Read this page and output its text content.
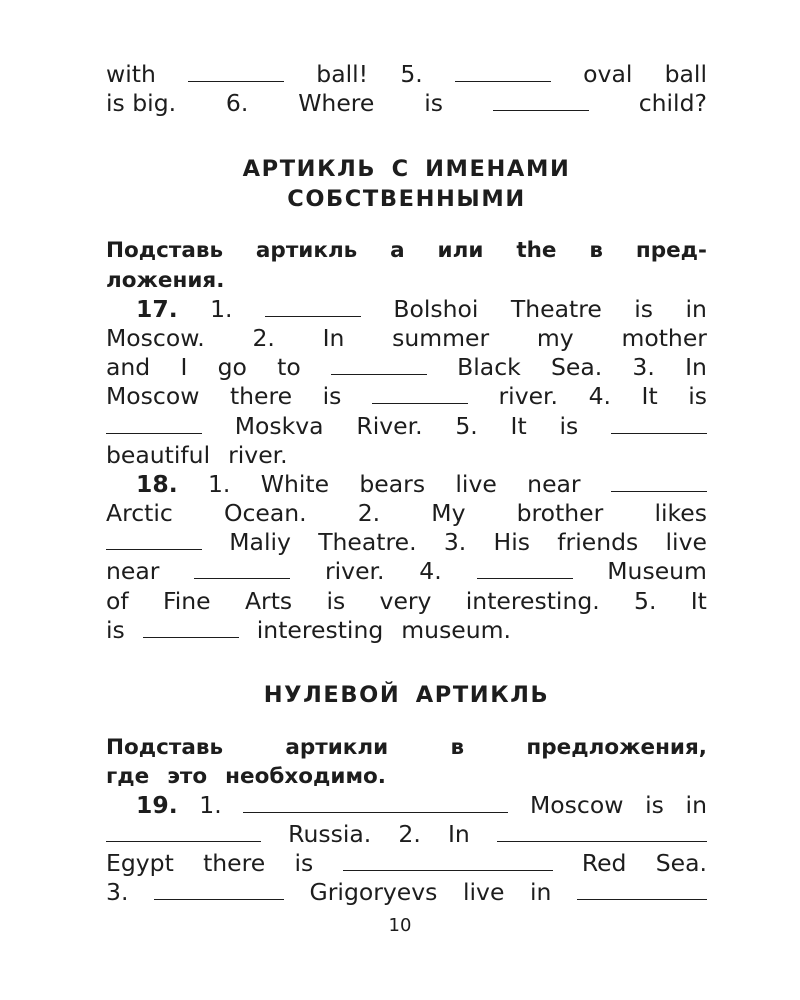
with	ball! 5.	oval ball
is big. 6. Where is	child?
АРТИКЛЬ С ИМЕНАМИ
СОБСТВЕННЫМИ
Подставь артикль a или the в пред-
ложения.
17. 1.	Bolshoi Theatre is in
Moscow. 2. In summer my mother
and I go to	Black Sea. 3. In
Moscow there is	river. 4. It is
Moskva River. 5. It is
beautiful river.
18. 1. White bears live near
Arctic Ocean. 2. My brother likes
Maliy Theatre. 3. His friends live
near	river. 4.	Museum
of Fine Arts is very interesting. 5. It
is	interesting museum.
НУЛЕВОЙ АРТИКЛЬ
Подставь	артикли	в	предложения,
где это необходимо.
19. 1.	Moscow is in
Russia. 2. In
Egypt there is	Red Sea.
3.	Grigoryevs live in
10
